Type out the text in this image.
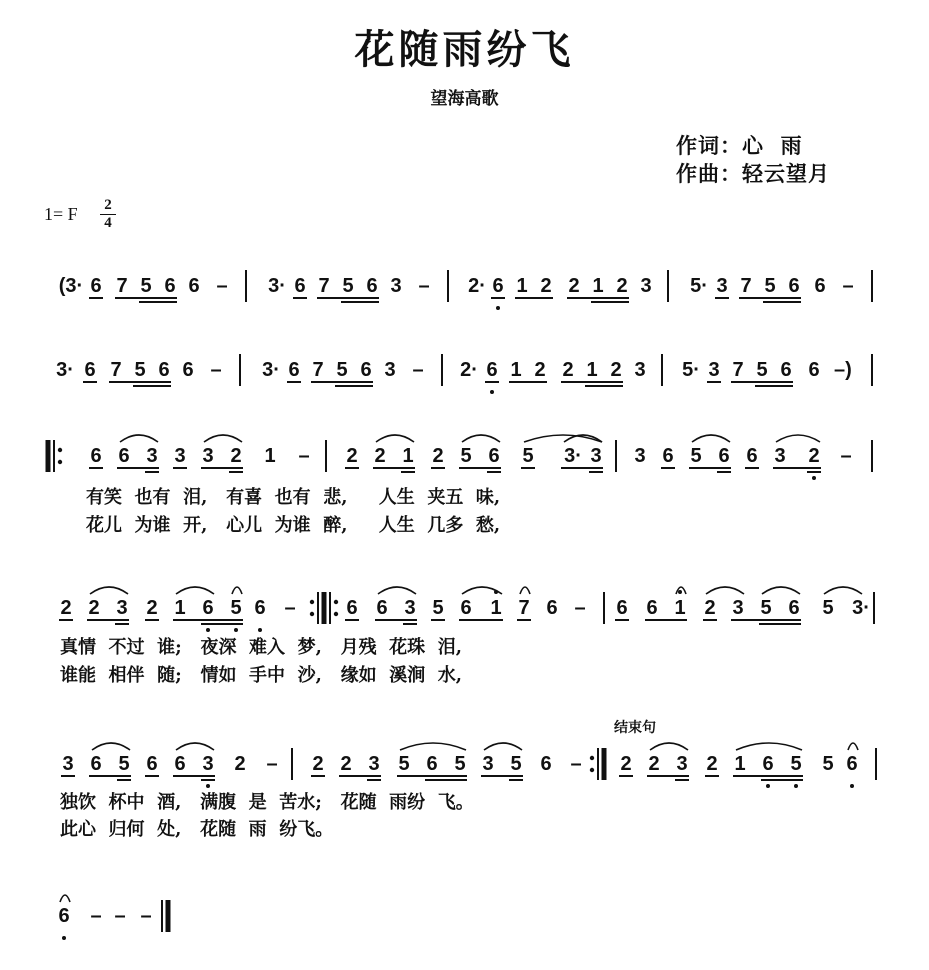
花随雨纷飞
望海高歌
作词：心  雨
作曲：轻云望月
1= F 2
4
(3· 6 7 5 6 6 – 3· 6 7 5 6 3 – 2· 6 1 2 2 1 2 3 5· 3 7 5 6 6 –
3· 6 7 5 6 6 – 3· 6 7 5 6 3 – 2· 6 1 2 2 1 2 3 5· 3 7 5 6 6 –)
6 6 3 3 3 2 1 – 2 2 1 2 5 6 5 3· 3 3 6 5 6 6 3 2 –
2 2 3 2 1 6 5 6 –	6 6 3 5 6 1 7 6 – 6 6 1 2 3 5 6 5 3·
3 6 5 6 6 3 2 – 2 2 3 5 6 5 3 5 6 – 2 2 3 2 1 6 5 5 6
6 – – –
结束句
有笑  也有  泪,   有喜  也有  悲,     人生  夹五  味,
花儿  为谁  开,   心儿  为谁  醉,     人生  几多  愁,
真情  不过  谁;   夜深  难入  梦,   月残  花珠  泪,
谁能  相伴  随;   情如  手中  沙,   缘如  溪涧  水,
独饮  杯中  酒,   满腹  是  苦水;   花随  雨纷  飞。
此心  归何  处,   花随  雨  纷飞。
